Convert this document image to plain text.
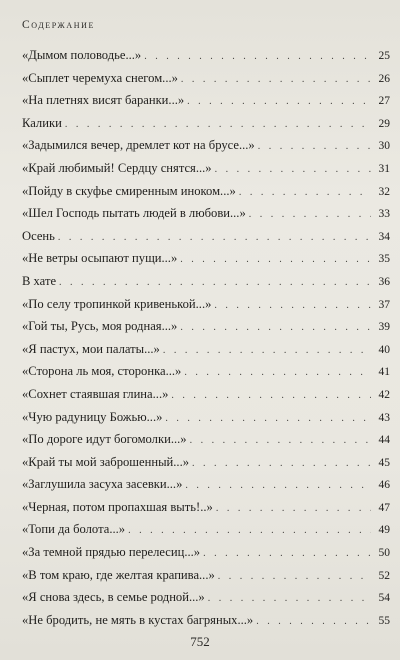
Содержание
«Дымом половодье...» . . .	25
«Сыплет черемуха снегом...» . . .	26
«На плетнях висят баранки...» . . .	27
Калики . . .	29
«Задымился вечер, дремлет кот на брусе...» . . .	30
«Край любимый! Сердцу снятся...» . . .	31
«Пойду в скуфье смиренным иноком...» . . .	32
«Шел Господь пытать людей в любови...» . . .	33
Осень . . .	34
«Не ветры осыпают пущи...» . . .	35
В хате . . .	36
«По селу тропинкой кривенькой...» . . .	37
«Гой ты, Русь, моя родная...» . . .	39
«Я пастух, мои палаты...» . . .	40
«Сторона ль моя, сторонка...» . . .	41
«Сохнет стаявшая глина...» . . .	42
«Чую радуницу Божью...» . . .	43
«По дороге идут богомолки...» . . .	44
«Край ты мой заброшенный...» . . .	45
«Заглушила засуха засевки...» . . .	46
«Черная, потом пропахшая выть!..» . . .	47
«Топи да болота...» . . .	49
«За темной прядью перелесиц...» . . .	50
«В том краю, где желтая крапива...» . . .	52
«Я снова здесь, в семье родной...» . . .	54
«Не бродить, не мять в кустах багряных...» . . .	55
752
